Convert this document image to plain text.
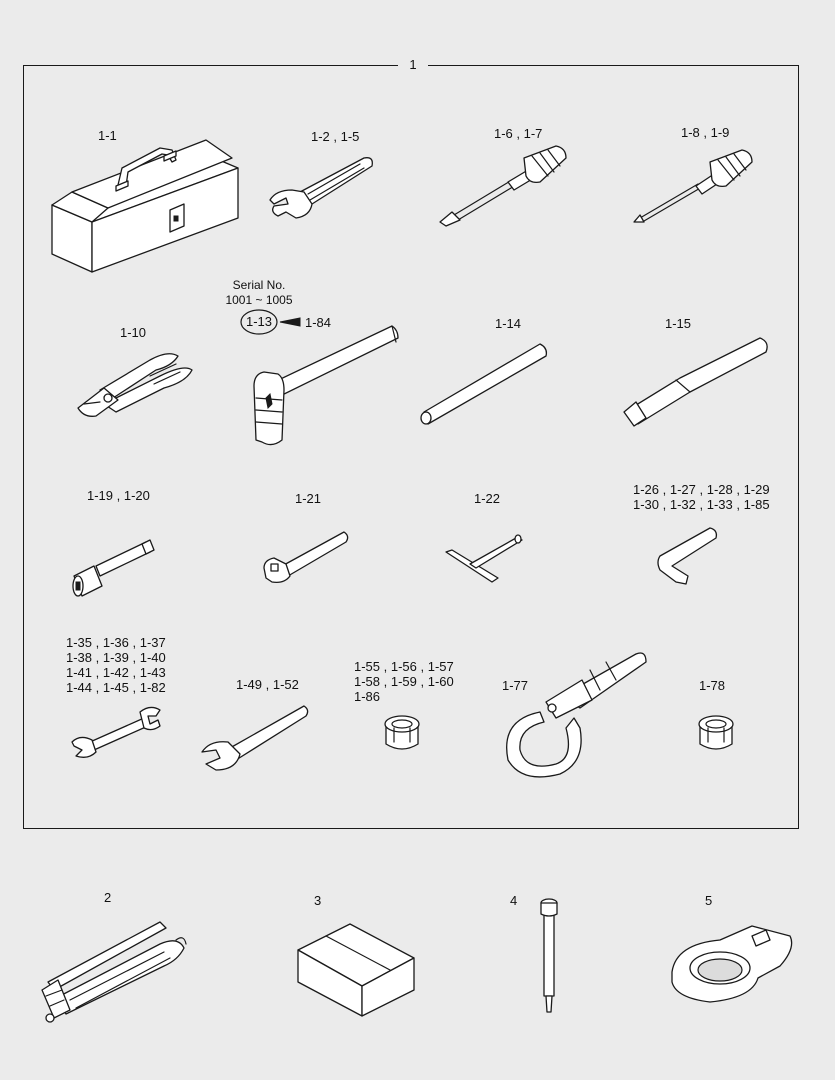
1
1-1	1-2 , 1-5	1-6 , 1-7	1-8 , 1-9
Serial No.
1001 ~ 1005
1-10
1-13	1-84	1-14	1-15
1-19 , 1-20	1-21	1-22
1-26 , 1-27 , 1-28 , 1-29
1-30 , 1-32 , 1-33 , 1-85
1-35 , 1-36 , 1-37
1-38 , 1-39 , 1-40
1-41 , 1-42 , 1-43
1-44 , 1-45 , 1-82	1-49 , 1-52
1-55 , 1-56 , 1-57
1-58 , 1-59 , 1-60
1-86
1-77	1-78
2	3	4	5
